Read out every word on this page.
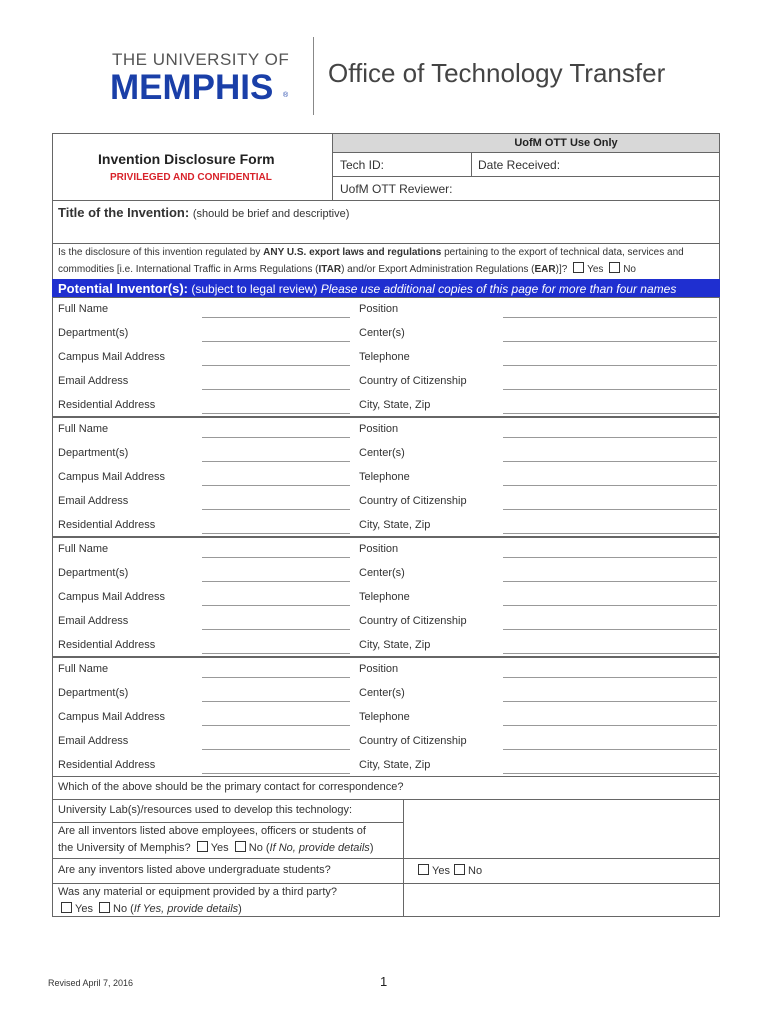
THE UNIVERSITY OF
MEMPHIS ®
Office of Technology Transfer
Invention Disclosure Form
PRIVILEGED AND CONFIDENTIAL
UofM OTT Use Only
Tech ID:	Date Received:
UofM OTT Reviewer:
Title of the Invention: (should be brief and descriptive)
Is the disclosure of this invention regulated by ANY U.S. export laws and regulations pertaining to the export of technical data, services and
commodities [i.e. International Traffic in Arms Regulations (ITAR) and/or Export Administration Regulations (EAR)]? Yes No
Potential Inventor(s): (subject to legal review) Please use additional copies of this page for more than four names
Full Name	Position
Department(s)	Center(s)
Campus Mail Address	Telephone
Email Address	Country of Citizenship
Residential Address	City, State, Zip
Full Name	Position
Department(s)	Center(s)
Campus Mail Address	Telephone
Email Address	Country of Citizenship
Residential Address	City, State, Zip
Full Name	Position
Department(s)	Center(s)
Campus Mail Address	Telephone
Email Address	Country of Citizenship
Residential Address	City, State, Zip
Full Name	Position
Department(s)	Center(s)
Campus Mail Address	Telephone
Email Address	Country of Citizenship
Residential Address	City, State, Zip
Which of the above should be the primary contact for correspondence?
University Lab(s)/resources used to develop this technology:
Are all inventors listed above employees, officers or students of
the University of Memphis? Yes No (If No, provide details)
Are any inventors listed above undergraduate students?	Yes No
Was any material or equipment provided by a third party?
Yes No (If Yes, provide details)
Revised April 7, 2016	1
